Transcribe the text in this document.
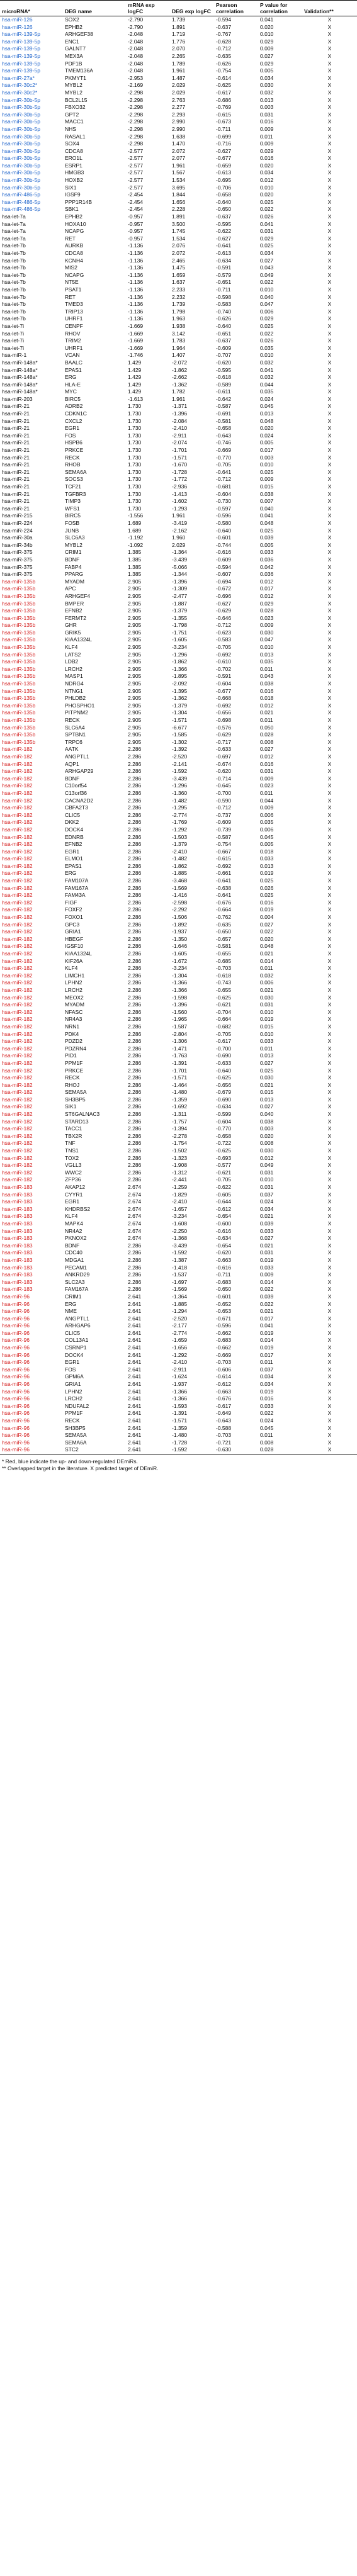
microRNA*	DEG name	mRNA exp logFC	DEG exp logFC	Pearson correlation	P value for correlation	Validation**
hsa-miR-126	SOX2	-2.790	1.739	-0.594	0.041	X
hsa-miR-126	EPHB2	-2.790	1.891	-0.637	0.020	X
hsa-miR-139-5p	ARHGEF38	-2.048	1.719	-0.767	0.010	X
hsa-miR-139-5p	ENC1	-2.048	1.776	-0.628	0.029	X
hsa-miR-139-5p	GALNT7	-2.048	2.070	-0.712	0.009	X
hsa-miR-139-5p	MEX3A	-2.048	2.265	-0.635	0.027	X
hsa-miR-139-5p	PDF1B	-2.048	1.789	-0.626	0.029	X
hsa-miR-139-5p	TMEM136A	-2.048	1.961	-0.754	0.005	X
hsa-miR-27a*	PKMYT1	-2.953	1.487	-0.614	0.034	X
hsa-miR-30c2*	MYBL2	-2.169	2.029	-0.625	0.030	X
hsa-miR-30c2*	MYBL2	-2.298	2.029	-0.617	0.032	X
hsa-miR-30b-5p	BCL2L15	-2.298	2.763	-0.686	0.013	X
hsa-miR-30b-5p	FBXO32	-2.298	2.277	-0.769	0.003	X
hsa-miR-30b-5p	GPT2	-2.298	2.293	-0.615	0.031	X
hsa-miR-30b-5p	MACC1	-2.298	2.990	-0.673	0.016	X
hsa-miR-30b-5p	NHS	-2.298	2.990	-0.711	0.009	X
hsa-miR-30b-5p	RASAL1	-2.298	1.638	-0.699	0.011	X
hsa-miR-30b-5p	SOX4	-2.298	1.470	-0.716	0.009	X
hsa-miR-30b-5p	CDCA8	-2.577	2.072	-0.627	0.029	X
hsa-miR-30b-5p	ERO1L	-2.577	2.077	-0.677	0.016	X
hsa-miR-30b-5p	ESRP1	-2.577	1.961	-0.659	0.020	X
hsa-miR-30b-5p	HMGB3	-2.577	1.567	-0.613	0.034	X
hsa-miR-30b-5p	HOXB2	-2.577	1.534	-0.695	0.012	X
hsa-miR-30b-5p	SIX1	-2.577	3.695	-0.706	0.010	X
hsa-miR-486-5p	IGSF9	-2.454	1.844	-0.658	0.020	X
hsa-miR-486-5p	PPP1R14B	-2.454	1.656	-0.640	0.025	X
hsa-miR-486-5p	SBK1	-2.454	2.228	-0.650	0.022	X
hsa-let-7a	EPHB2	-0.957	1.891	-0.637	0.026	X
hsa-let-7a	HOXA10	-0.957	3.500	-0.595	0.041	X
hsa-let-7a	NCAPG	-0.957	1.745	-0.622	0.031	X
hsa-let-7a	RET	-0.957	1.534	-0.627	0.029	X
hsa-let-7b	AURKB	-1.136	2.076	-0.641	0.025	X
hsa-let-7b	CDCA8	-1.136	2.072	-0.613	0.034	X
hsa-let-7b	KCNH4	-1.136	2.465	-0.634	0.027	X
hsa-let-7b	MIS2	-1.136	1.475	-0.591	0.043	X
hsa-let-7b	NCAPG	-1.136	1.659	-0.579	0.049	X
hsa-let-7b	NT5E	-1.136	1.637	-0.651	0.022	X
hsa-let-7b	PSAT1	-1.136	2.233	-0.711	0.010	X
hsa-let-7b	RET	-1.136	2.232	-0.598	0.040	X
hsa-let-7b	TMED3	-1.136	1.739	-0.583	0.047	X
hsa-let-7b	TRIP13	-1.136	1.798	-0.740	0.006	X
hsa-let-7b	UHRF1	-1.136	1.963	-0.626	0.029	X
hsa-let-7i	CENPF	-1.669	1.938	-0.640	0.025	X
hsa-let-7i	RHOV	-1.669	3.142	-0.651	0.022	X
hsa-let-7i	TRIM2	-1.669	1.783	-0.637	0.026	X
hsa-let-7i	UHRF1	-1.669	1.964	-0.609	0.035	X
hsa-miR-1	VCAN	-1.746	1.407	-0.707	0.010	X
hsa-miR-148a*	BAALC	1.429	-2.072	-0.620	0.032	X
hsa-miR-148a*	EPAS1	1.429	-1.862	-0.595	0.041	X
hsa-miR-148a*	ERG	1.429	-2.662	-0.618	0.032	X
hsa-miR-148a*	HLA-E	1.429	-1.362	-0.589	0.044	X
hsa-miR-148a*	MYC	1.429	1.782	-0.611	0.035	X
hsa-miR-203	BIRC5	-1.613	1.961	-0.642	0.024	X
hsa-miR-21	ADRB2	1.730	-1.371	-0.587	0.045	X
hsa-miR-21	CDKN1C	1.730	-1.396	-0.691	0.013	X
hsa-miR-21	CXCL2	1.730	-2.084	-0.581	0.048	X
hsa-miR-21	EGR1	1.730	-2.410	-0.658	0.020	X
hsa-miR-21	FOS	1.730	-2.911	-0.643	0.024	X
hsa-miR-21	HSPB6	1.730	-2.074	-0.746	0.005	X
hsa-miR-21	PRKCE	1.730	-1.701	-0.669	0.017	X
hsa-miR-21	RECK	1.730	-1.571	-0.770	0.003	X
hsa-miR-21	RHOB	1.730	-1.670	-0.705	0.010	X
hsa-miR-21	SEMA6A	1.730	-1.728	-0.641	0.025	X
hsa-miR-21	SOCS3	1.730	-1.772	-0.712	0.009	X
hsa-miR-21	TCF21	1.730	-2.936	-0.681	0.015	X
hsa-miR-21	TGFBR3	1.730	-1.413	-0.604	0.038	X
hsa-miR-21	TIMP3	1.730	-1.602	-0.730	0.007	X
hsa-miR-21	WFS1	1.730	-1.293	-0.597	0.040	X
hsa-miR-215	BIRC5	-1.556	1.961	-0.596	0.041	X
hsa-miR-224	FOSB	1.689	-3.419	-0.580	0.048	X
hsa-miR-224	JUNB	1.689	-2.162	-0.640	0.025	X
hsa-miR-30a	SLC6A3	-1.192	1.960	-0.601	0.039	X
hsa-miR-34b	MYBL2	-1.092	2.029	-0.744	0.005	X
hsa-miR-375	CRIM1	1.385	-1.364	-0.616	0.033	X
hsa-miR-375	BDNF	1.385	-3.439	-0.609	0.036	X
hsa-miR-375	FABP4	1.385	-5.066	-0.594	0.042	X
hsa-miR-375	PPARG	1.385	-1.344	-0.607	0.036	X
hsa-miR-135b	MYADM	2.905	-1.396	-0.694	0.012	X
hsa-miR-135b	APC	2.905	-1.309	-0.672	0.017	X
hsa-miR-135b	ARHGEF4	2.905	-2.477	-0.696	0.012	X
hsa-miR-135b	BMPER	2.905	-1.887	-0.627	0.029	X
hsa-miR-135b	EFNB2	2.905	-1.379	-0.629	0.028	X
hsa-miR-135b	FERMT2	2.905	-1.355	-0.646	0.023	X
hsa-miR-135b	GHR	2.905	-1.798	-0.712	0.009	X
hsa-miR-135b	GRIK5	2.905	-1.751	-0.623	0.030	X
hsa-miR-135b	KIAA1324L	2.905	-1.605	-0.583	0.047	X
hsa-miR-135b	KLF4	2.905	-3.234	-0.705	0.010	X
hsa-miR-135b	LATS2	2.905	-1.296	-0.692	0.013	X
hsa-miR-135b	LDB2	2.905	-1.862	-0.610	0.035	X
hsa-miR-135b	LRCH2	2.905	-1.366	-0.702	0.011	X
hsa-miR-135b	MASP1	2.905	-1.895	-0.591	0.043	X
hsa-miR-135b	NDRG4	2.905	-2.092	-0.604	0.038	X
hsa-miR-135b	NTNG1	2.905	-1.395	-0.677	0.016	X
hsa-miR-135b	PHLDB2	2.905	-1.362	-0.668	0.018	X
hsa-miR-135b	PHOSPHO1	2.905	-1.379	-0.692	0.012	X
hsa-miR-135b	PITPNM2	2.905	-1.304	-0.656	0.021	X
hsa-miR-135b	RECK	2.905	-1.571	-0.698	0.011	X
hsa-miR-135b	SLC6A4	2.905	-6.677	-0.576	0.050	X
hsa-miR-135b	SPTBN1	2.905	-1.585	-0.629	0.028	X
hsa-miR-135b	TRPC6	2.905	-1.302	-0.717	0.008	X
hsa-miR-182	AATK	2.286	-1.392	-0.633	0.027	X
hsa-miR-182	ANGPTL1	2.286	-2.520	-0.697	0.012	X
hsa-miR-182	AQP1	2.286	-2.141	-0.674	0.016	X
hsa-miR-182	ARHGAP29	2.286	-1.592	-0.620	0.031	X
hsa-miR-182	BDNF	2.286	-3.439	-0.714	0.009	X
hsa-miR-182	C10orf54	2.286	-1.296	-0.645	0.023	X
hsa-miR-182	C13orf36	2.286	-1.360	-0.700	0.011	X
hsa-miR-182	CACNA2D2	2.286	-1.482	-0.590	0.044	X
hsa-miR-182	CBFA2T3	2.286	-1.295	-0.712	0.009	X
hsa-miR-182	CLIC5	2.286	-2.774	-0.737	0.006	X
hsa-miR-182	DKK2	2.286	-1.769	-0.609	0.035	X
hsa-miR-182	DOCK4	2.286	-1.292	-0.739	0.006	X
hsa-miR-182	EDNRB	2.286	-1.503	-0.587	0.045	X
hsa-miR-182	EFNB2	2.286	-1.379	-0.754	0.005	X
hsa-miR-182	EGR1	2.286	-2.410	-0.667	0.018	X
hsa-miR-182	ELMO1	2.286	-1.482	-0.615	0.033	X
hsa-miR-182	EPAS1	2.286	-1.862	-0.692	0.013	X
hsa-miR-182	ERG	2.286	-1.885	-0.661	0.019	X
hsa-miR-182	FAM107A	2.286	-3.468	-0.641	0.025	X
hsa-miR-182	FAM167A	2.286	-1.569	-0.638	0.026	X
hsa-miR-182	FAM43A	2.286	-1.416	-0.641	0.025	X
hsa-miR-182	FIGF	2.286	-2.598	-0.676	0.016	X
hsa-miR-182	FOXF2	2.286	-2.292	-0.664	0.019	X
hsa-miR-182	FOXO1	2.286	-1.506	-0.762	0.004	X
hsa-miR-182	GPC3	2.286	-1.892	-0.635	0.027	X
hsa-miR-182	GRIA1	2.286	-1.937	-0.650	0.022	X
hsa-miR-182	HBEGF	2.286	-1.350	-0.657	0.020	X
hsa-miR-182	IGSF10	2.286	-1.646	-0.581	0.048	X
hsa-miR-182	KIAA1324L	2.286	-1.605	-0.655	0.021	X
hsa-miR-182	KIF26A	2.286	-1.672	-0.685	0.014	X
hsa-miR-182	KLF4	2.286	-3.234	-0.703	0.011	X
hsa-miR-182	LIMCH1	2.286	-1.304	-0.618	0.032	X
hsa-miR-182	LPHN2	2.286	-1.366	-0.743	0.006	X
hsa-miR-182	LRCH2	2.286	-1.366	-0.655	0.021	X
hsa-miR-182	MEOX2	2.286	-1.598	-0.625	0.030	X
hsa-miR-182	MYADM	2.286	-1.396	-0.621	0.031	X
hsa-miR-182	NFASC	2.286	-1.560	-0.704	0.010	X
hsa-miR-182	NR4A3	2.286	-1.965	-0.664	0.019	X
hsa-miR-182	NRN1	2.286	-1.587	-0.682	0.015	X
hsa-miR-182	PDK4	2.286	-2.804	-0.705	0.010	X
hsa-miR-182	PDZD2	2.286	-1.306	-0.617	0.033	X
hsa-miR-182	PDZRN4	2.286	-1.471	-0.700	0.011	X
hsa-miR-182	PID1	2.286	-1.763	-0.690	0.013	X
hsa-miR-182	PPM1F	2.286	-1.391	-0.633	0.027	X
hsa-miR-182	PRKCE	2.286	-1.701	-0.640	0.025	X
hsa-miR-182	RECK	2.286	-1.571	-0.625	0.030	X
hsa-miR-182	RHOJ	2.286	-1.464	-0.656	0.021	X
hsa-miR-182	SEMA5A	2.286	-1.480	-0.679	0.015	X
hsa-miR-182	SH3BP5	2.286	-1.359	-0.690	0.013	X
hsa-miR-182	SIK1	2.286	-1.692	-0.634	0.027	X
hsa-miR-182	ST6GALNAC3	2.286	-1.311	-0.599	0.040	X
hsa-miR-182	STARD13	2.286	-1.757	-0.604	0.038	X
hsa-miR-182	TACC1	2.286	-1.394	-0.770	0.003	X
hsa-miR-182	TBX2R	2.286	-2.278	-0.658	0.020	X
hsa-miR-182	TNF	2.286	-1.754	-0.722	0.008	X
hsa-miR-182	TNS1	2.286	-1.502	-0.625	0.030	X
hsa-miR-182	TOX2	2.286	-1.323	-0.693	0.012	X
hsa-miR-182	VGLL3	2.286	-1.908	-0.577	0.049	X
hsa-miR-182	WWC2	2.286	-1.312	-0.621	0.031	X
hsa-miR-182	ZFP36	2.286	-2.441	-0.705	0.010	X
hsa-miR-183	AKAP12	2.674	-1.259	-0.622	0.031	X
hsa-miR-183	CYYR1	2.674	-1.829	-0.605	0.037	X
hsa-miR-183	EGR1	2.674	-2.410	-0.644	0.024	X
hsa-miR-183	KHDRBS2	2.674	-1.657	-0.612	0.034	X
hsa-miR-183	KLF4	2.674	-3.234	-0.654	0.021	X
hsa-miR-183	MAPK4	2.674	-1.608	-0.600	0.039	X
hsa-miR-183	NR4A2	2.674	-2.250	-0.616	0.033	X
hsa-miR-183	PKNOX2	2.674	-1.368	-0.634	0.027	X
hsa-miR-183	BDNF	2.286	-3.439	-0.654	0.021	X
hsa-miR-183	CDC40	2.286	-1.592	-0.620	0.031	X
hsa-miR-183	MDGA1	2.286	-1.387	-0.663	0.019	X
hsa-miR-183	PECAM1	2.286	-1.418	-0.616	0.033	X
hsa-miR-183	ANKRD29	2.286	-1.537	-0.711	0.009	X
hsa-miR-183	SLC2A3	2.286	-1.697	-0.683	0.014	X
hsa-miR-183	FAM167A	2.286	-1.569	-0.650	0.022	X
hsa-miR-96	CRIM1	2.641	-1.364	-0.601	0.039	X
hsa-miR-96	ERG	2.641	-1.885	-0.652	0.022	X
hsa-miR-96	NME	2.641	-1.294	-0.653	0.021	X
hsa-miR-96	ANGPTL1	2.641	-2.520	-0.671	0.017	X
hsa-miR-96	ARHGAP6	2.641	-2.177	-0.596	0.041	X
hsa-miR-96	CLIC5	2.641	-2.774	-0.662	0.019	X
hsa-miR-96	COL13A1	2.641	-1.659	-0.683	0.014	X
hsa-miR-96	CSRNP1	2.641	-1.656	-0.662	0.019	X
hsa-miR-96	DOCK4	2.641	-1.292	-0.669	0.017	X
hsa-miR-96	EGR1	2.641	-2.410	-0.703	0.011	X
hsa-miR-96	FOS	2.641	-2.911	-0.606	0.037	X
hsa-miR-96	GPM6A	2.641	-1.624	-0.614	0.034	X
hsa-miR-96	GRIA1	2.641	-1.937	-0.612	0.034	X
hsa-miR-96	LPHN2	2.641	-1.366	-0.663	0.019	X
hsa-miR-96	LRCH2	2.641	-1.366	-0.676	0.016	X
hsa-miR-96	NDUFAL2	2.641	-1.593	-0.617	0.033	X
hsa-miR-96	PPM1F	2.641	-1.391	-0.649	0.022	X
hsa-miR-96	RECK	2.641	-1.571	-0.643	0.024	X
hsa-miR-96	SH3BP5	2.641	-1.359	-0.588	0.045	X
hsa-miR-96	SEMA5A	2.641	-1.480	-0.703	0.011	X
hsa-miR-96	SEMA6A	2.641	-1.728	-0.721	0.008	X
hsa-miR-96	STC2	2.641	-1.592	-0.630	0.028	X
* Red, blue indicate the up- and down-regulated DEmiRs.
** Overlapped target in the literature. X predicted target of DEmiR.
